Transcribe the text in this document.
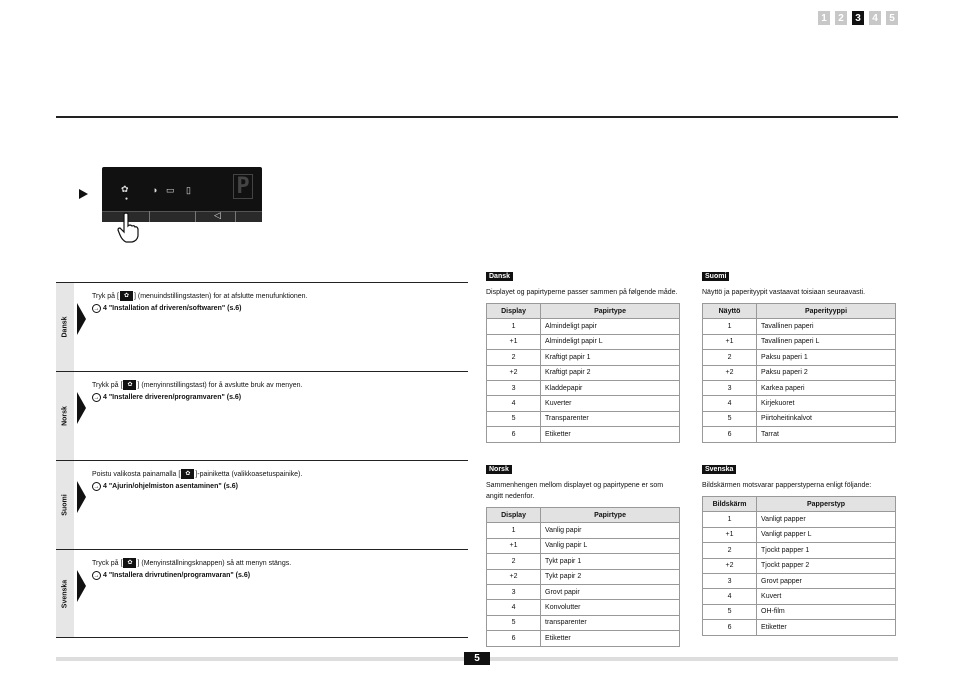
1	2	3	4	5
✿
●
◑ ▭ ▯ P
◁
Dansk
Tryk på [ ✿ ] (menuindstillingstasten) for at afslutte menufunktionen.
→ 4 "Installation af driveren/softwaren" (s.6)
Norsk
Trykk på [ ✿ ] (menyinnstillingstast) for å avslutte bruk av menyen.
→ 4 "Installere driveren/programvaren" (s.6)
Suomi
Poistu valikosta painamalla [ ✿ ]-painiketta (valikkoasetuspainike).
→ 4 "Ajurin/ohjelmiston asentaminen" (s.6)
Svenska
Tryck på [ ✿ ] (Menyinställningsknappen) så att menyn stängs.
→ 4 "Installera drivrutinen/programvaran" (s.6)
Dansk
Displayet og papirtyperne passer sammen på følgende måde.
Display	Papirtype
1	Almindeligt papir
+1	Almindeligt papir L
2	Kraftigt papir 1
+2	Kraftigt papir 2
3	Kladdepapir
4	Kuverter
5	Transparenter
6	Etiketter
Suomi
Näyttö ja paperityypit vastaavat toisiaan seuraavasti.
Näyttö	Paperityyppi
1	Tavallinen paperi
+1	Tavallinen paperi L
2	Paksu paperi 1
+2	Paksu paperi 2
3	Karkea paperi
4	Kirjekuoret
5	Piirtoheitinkalvot
6	Tarrat
Norsk
Sammenhengen mellom displayet og papirtypene er som angitt nedenfor.
Display	Papirtype
1	Vanlig papir
+1	Vanlig papir L
2	Tykt papir 1
+2	Tykt papir 2
3	Grovt papir
4	Konvolutter
5	transparenter
6	Etiketter
Svenska
Bildskärmen motsvarar papperstyperna enligt följande:
Bildskärm	Papperstyp
1	Vanligt papper
+1	Vanligt papper L
2	Tjockt papper 1
+2	Tjockt papper 2
3	Grovt papper
4	Kuvert
5	OH-film
6	Etiketter
5
